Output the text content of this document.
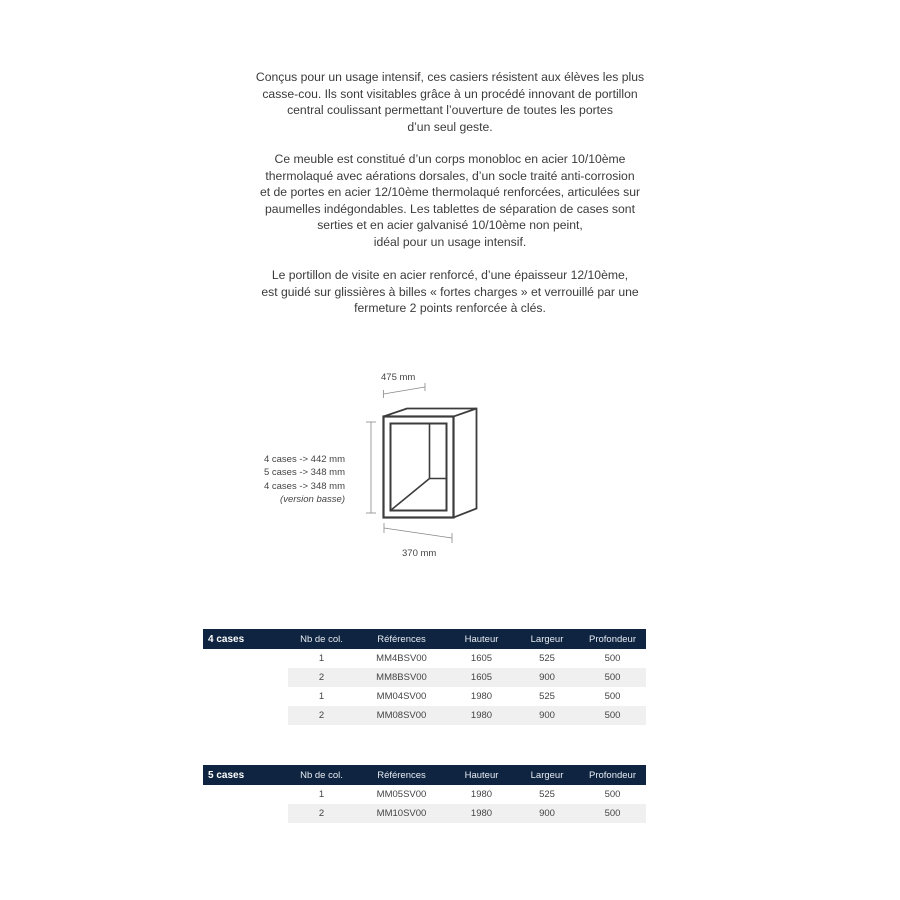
Conçus pour un usage intensif, ces casiers résistent aux élèves les plus
casse-cou. Ils sont visitables grâce à un procédé innovant de portillon
central coulissant permettant l’ouverture de toutes les portes
d’un seul geste.
Ce meuble est constitué d’un corps monobloc en acier 10/10ème
thermolaqué avec aérations dorsales, d’un socle traité anti-corrosion
et de portes en acier 12/10ème thermolaqué renforcées, articulées sur
paumelles indégondables. Les tablettes de séparation de cases sont
serties et en acier galvanisé 10/10ème non peint,
idéal pour un usage intensif.
Le portillon de visite en acier renforcé, d’une épaisseur 12/10ème,
est guidé sur glissières à billes « fortes charges » et verrouillé par une
fermeture 2 points renforcée à clés.
475 mm
370 mm
4 cases -> 442 mm
5 cases -> 348 mm
4 cases -> 348 mm
(version basse)
4 cases	Nb de col.	Références	Hauteur	Largeur	Profondeur
	1	MM4BSV00	1605	525	500
	2	MM8BSV00	1605	900	500
	1	MM04SV00	1980	525	500
	2	MM08SV00	1980	900	500
5 cases	Nb de col.	Références	Hauteur	Largeur	Profondeur
	1	MM05SV00	1980	525	500
	2	MM10SV00	1980	900	500
